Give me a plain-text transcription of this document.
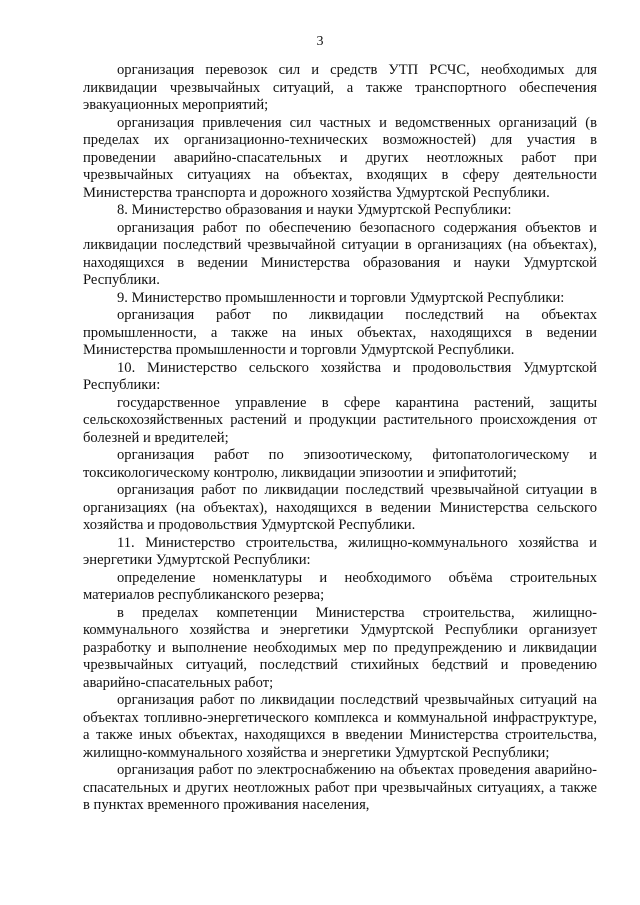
3

организация перевозок сил и средств УТП РСЧС, необходимых для ликвидации чрезвычайных ситуаций, а также транспортного обеспечения эвакуационных мероприятий;

организация привлечения сил частных и ведомственных организаций (в пределах их организационно-технических возможностей) для участия в проведении аварийно-спасательных и других неотложных работ при чрезвычайных ситуациях на объектах, входящих в сферу деятельности Министерства транспорта и дорожного хозяйства Удмуртской Республики.

8. Министерство образования и науки Удмуртской Республики:

организация работ по обеспечению безопасного содержания объектов и ликвидации последствий чрезвычайной ситуации в организациях (на объектах), находящихся в ведении Министерства образования и науки Удмуртской Республики.

9. Министерство промышленности и торговли Удмуртской Республики:

организация работ по ликвидации последствий на объектах промышленности, а также на иных объектах, находящихся в ведении Министерства промышленности и торговли Удмуртской Республики.

10. Министерство сельского хозяйства и продовольствия Удмуртской Республики:

государственное управление в сфере карантина растений, защиты сельскохозяйственных растений и продукции растительного происхождения от болезней и вредителей;

организация работ по эпизоотическому, фитопатологическому и токсикологическому контролю, ликвидации эпизоотии и эпифитотий;

организация работ по ликвидации последствий чрезвычайной ситуации в организациях (на объектах), находящихся в ведении Министерства сельского хозяйства и продовольствия Удмуртской Республики.

11. Министерство строительства, жилищно-коммунального хозяйства и энергетики Удмуртской Республики:

определение номенклатуры и необходимого объёма строительных материалов республиканского резерва;

в пределах компетенции Министерства строительства, жилищно-коммунального хозяйства и энергетики Удмуртской Республики организует разработку и выполнение необходимых мер по предупреждению и ликвидации чрезвычайных ситуаций, последствий стихийных бедствий и проведению аварийно-спасательных работ;

организация работ по ликвидации последствий чрезвычайных ситуаций на объектах топливно-энергетического комплекса и коммунальной инфраструктуре, а также иных объектах, находящихся в введении Министерства строительства, жилищно-коммунального хозяйства и энергетики Удмуртской Республики;

организация работ по электроснабжению на объектах проведения аварийно-спасательных и других неотложных работ при чрезвычайных ситуациях, а также в пунктах временного проживания населения,
